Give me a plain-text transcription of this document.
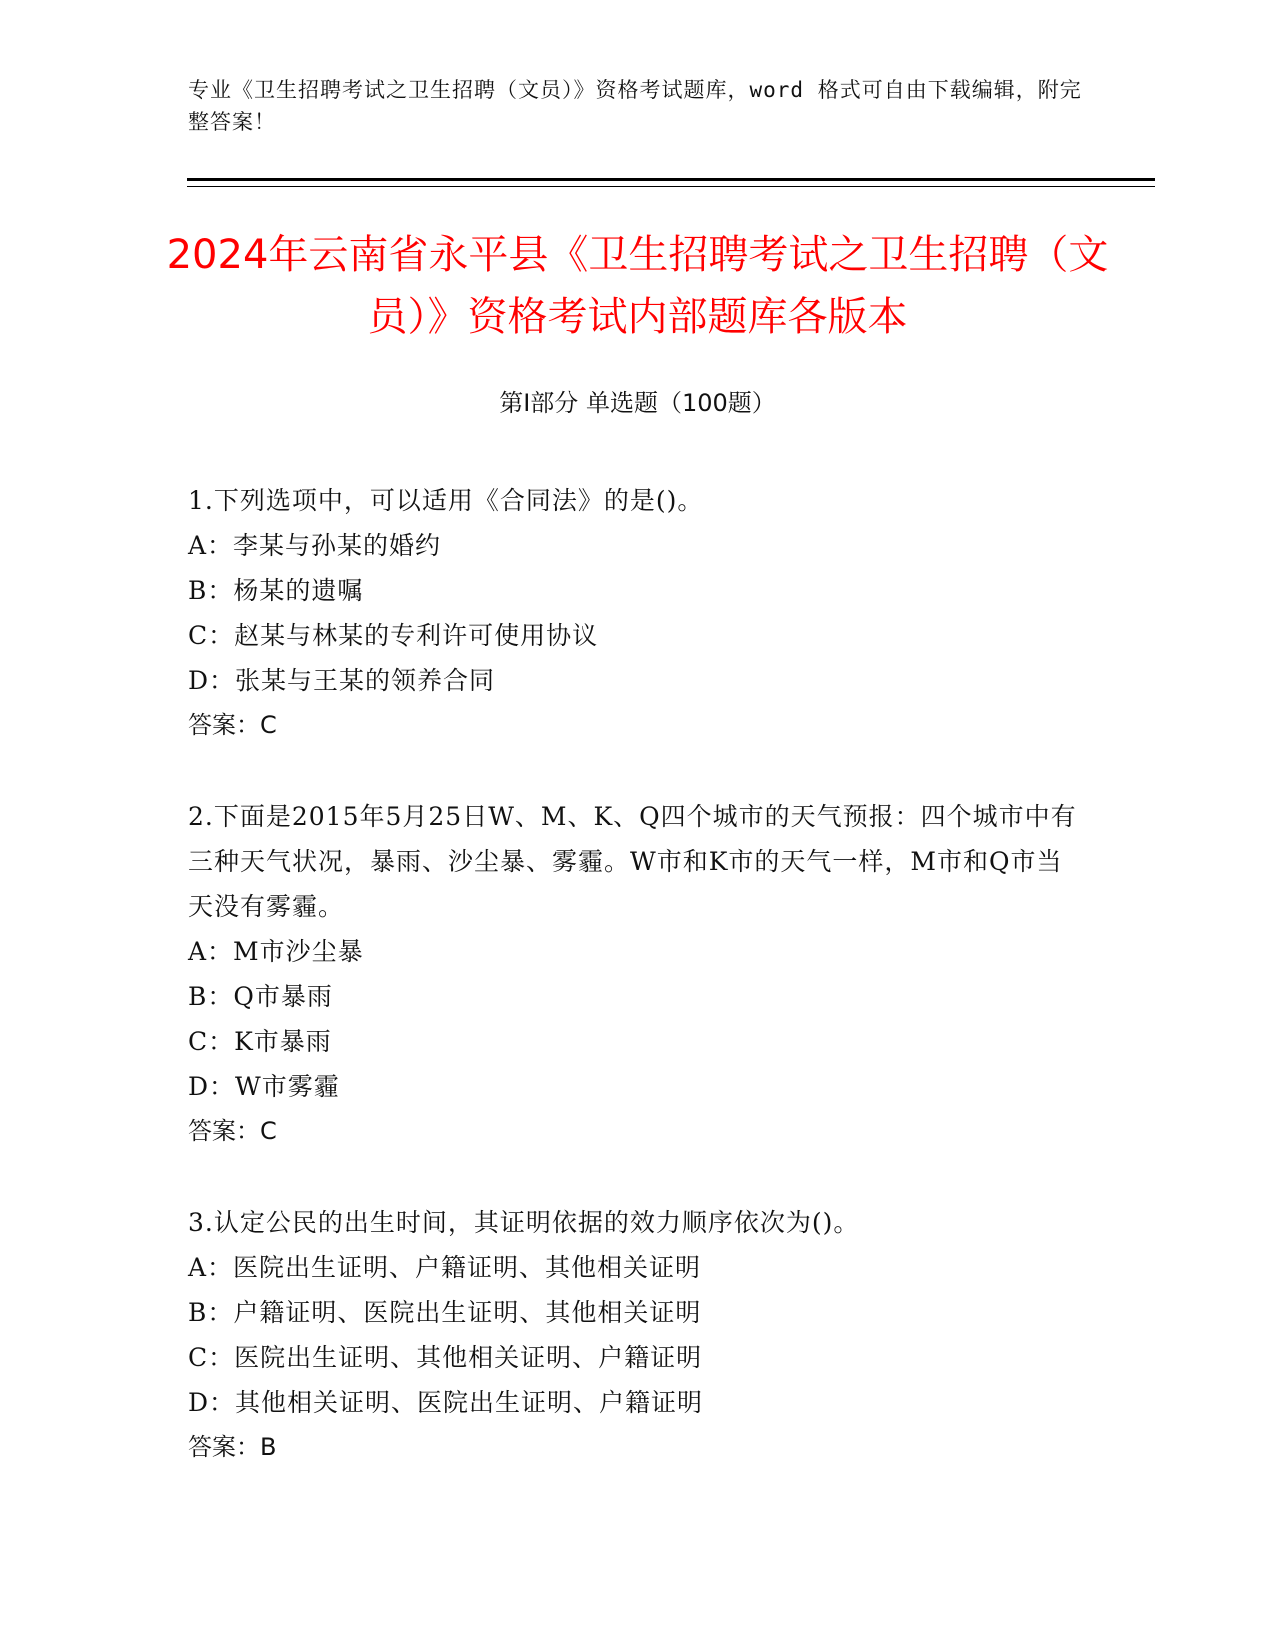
专业《卫生招聘考试之卫生招聘（文员）》资格考试题库，word 格式可自由下载编辑，附完整答案！
2024年云南省永平县《卫生招聘考试之卫生招聘（文员）》资格考试内部题库各版本
第Ⅰ部分 单选题（100题）
1.下列选项中，可以适用《合同法》的是()。
A：李某与孙某的婚约
B：杨某的遗嘱
C：赵某与林某的专利许可使用协议
D：张某与王某的领养合同
答案：C
2.下面是2015年5月25日W、M、K、Q四个城市的天气预报：四个城市中有三种天气状况，暴雨、沙尘暴、雾霾。W市和K市的天气一样，M市和Q市当天没有雾霾。
A：M市沙尘暴
B：Q市暴雨
C：K市暴雨
D：W市雾霾
答案：C
3.认定公民的出生时间，其证明依据的效力顺序依次为()。
A：医院出生证明、户籍证明、其他相关证明
B：户籍证明、医院出生证明、其他相关证明
C：医院出生证明、其他相关证明、户籍证明
D：其他相关证明、医院出生证明、户籍证明
答案：B
